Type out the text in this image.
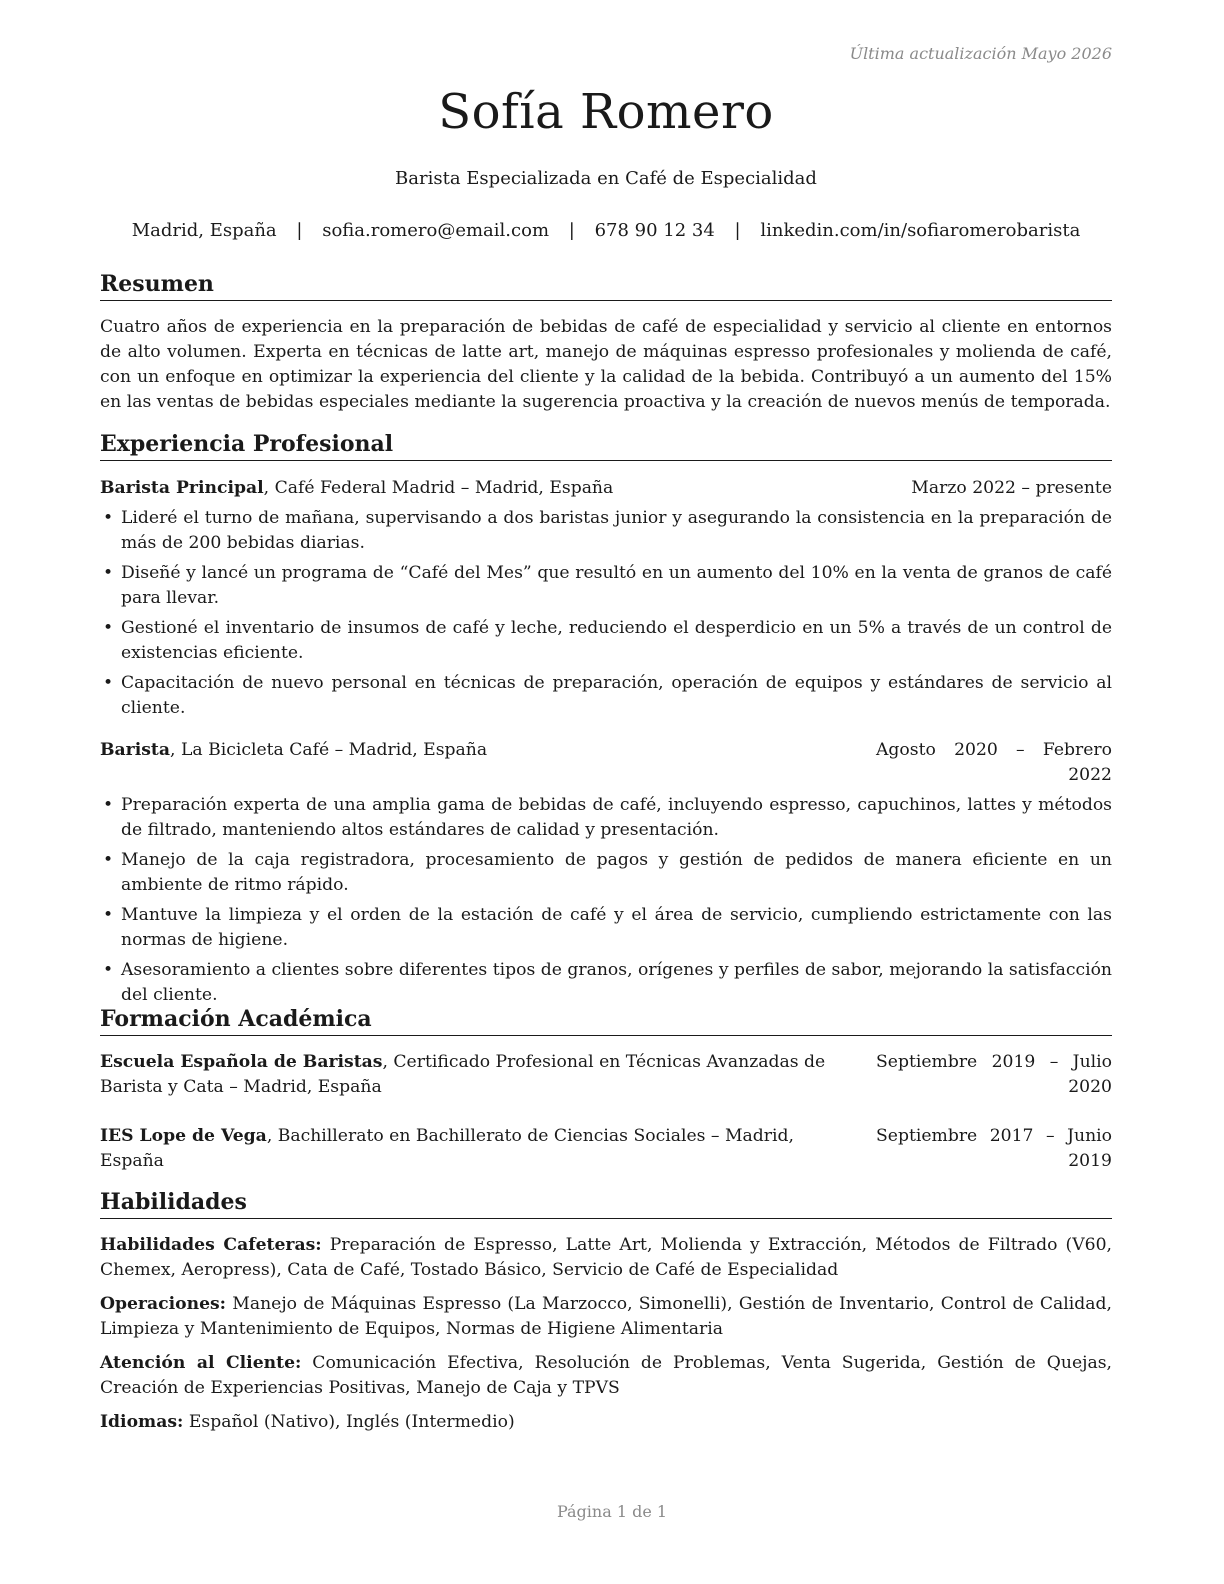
Última actualización Mayo 2026
Sofía Romero
Barista Especializada en Café de Especialidad
Madrid, España | sofia.romero@email.com | 678 90 12 34 | linkedin.com/in/sofiaromerobarista
Resumen

Cuatro años de experiencia en la preparación de bebidas de café de especialidad y servicio al cliente en entornos de alto volumen. Experta en técnicas de latte art, manejo de máquinas espresso profesionales y molienda de café, con un enfoque en optimizar la experiencia del cliente y la calidad de la bebida. Contribuyó a un aumento del 15% en las ventas de bebidas especiales mediante la sugerencia proactiva y la creación de nuevos menús de temporada.

Experiencia Profesional
Barista Principal, Café Federal Madrid – Madrid, España	Marzo 2022 – presente
• Lideré el turno de mañana, supervisando a dos baristas junior y asegurando la consistencia en la preparación de más de 200 bebidas diarias.
• Diseñé y lancé un programa de “Café del Mes” que resultó en un aumento del 10% en la venta de granos de café para llevar.
• Gestioné el inventario de insumos de café y leche, reduciendo el desperdicio en un 5% a través de un control de existencias eficiente.
• Capacitación de nuevo personal en técnicas de preparación, operación de equipos y estándares de servicio al cliente.
Barista, La Bicicleta Café – Madrid, España	Agosto 2020 – Febrero 2022
• Preparación experta de una amplia gama de bebidas de café, incluyendo espresso, capuchinos, lattes y métodos de filtrado, manteniendo altos estándares de calidad y presentación.
• Manejo de la caja registradora, procesamiento de pagos y gestión de pedidos de manera eficiente en un ambiente de ritmo rápido.
• Mantuve la limpieza y el orden de la estación de café y el área de servicio, cumpliendo estrictamente con las normas de higiene.
• Asesoramiento a clientes sobre diferentes tipos de granos, orígenes y perfiles de sabor, mejorando la satisfacción del cliente.
Formación Académica
Escuela Española de Baristas, Certificado Profesional en Técnicas Avanzadas de Barista y Cata – Madrid, España
Septiembre 2019 – Julio 2020
IES Lope de Vega, Bachillerato en Bachillerato de Ciencias Sociales – Madrid, España
Septiembre 2017 – Junio 2019
Habilidades

Habilidades Cafeteras: Preparación de Espresso, Latte Art, Molienda y Extracción, Métodos de Filtrado (V60, Chemex, Aeropress), Cata de Café, Tostado Básico, Servicio de Café de Especialidad

Operaciones: Manejo de Máquinas Espresso (La Marzocco, Simonelli), Gestión de Inventario, Control de Calidad, Limpieza y Mantenimiento de Equipos, Normas de Higiene Alimentaria

Atención al Cliente: Comunicación Efectiva, Resolución de Problemas, Venta Sugerida, Gestión de Quejas, Creación de Experiencias Positivas, Manejo de Caja y TPVS

Idiomas: Español (Nativo), Inglés (Intermedio)

Página 1 de 1
